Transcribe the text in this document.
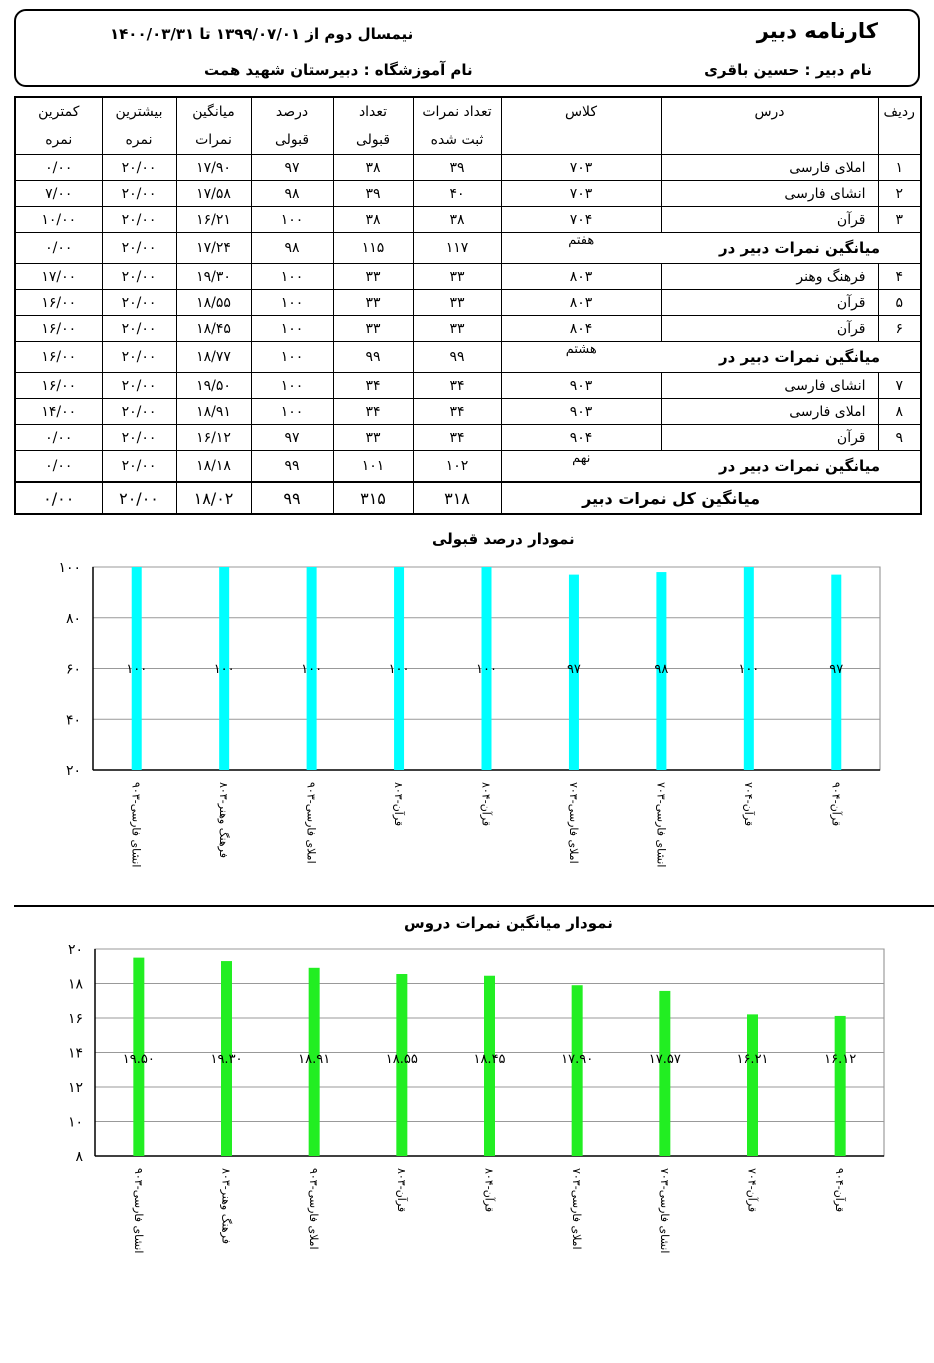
کارنامه دبیر
نیمسال دوم از ۱۳۹۹/۰۷/۰۱ تا ۱۴۰۰/۰۳/۳۱
نام دبیر : حسین باقری
نام آموزشگاه : دبیرستان شهید همت
کمترین	بیشترین	میانگین	درصد	تعداد	تعداد نمرات	کلاس	درس	ردیف
نمره	نمره	نمرات	قبولی	قبولی	ثبت شده			
۰/۰۰	۲۰/۰۰	۱۷/۹۰	۹۷	۳۸	۳۹	۷۰۳	املای فارسی	۱
۷/۰۰	۲۰/۰۰	۱۷/۵۸	۹۸	۳۹	۴۰	۷۰۳	انشای فارسی	۲
۱۰/۰۰	۲۰/۰۰	۱۶/۲۱	۱۰۰	۳۸	۳۸	۷۰۴	قرآن	۳
۰/۰۰	۲۰/۰۰	۱۷/۲۴	۹۸	۱۱۵	۱۱۷	هفتم	میانگین نمرات دبیر در	
۱۷/۰۰	۲۰/۰۰	۱۹/۳۰	۱۰۰	۳۳	۳۳	۸۰۳	فرهنگ وهنر	۴
۱۶/۰۰	۲۰/۰۰	۱۸/۵۵	۱۰۰	۳۳	۳۳	۸۰۳	قرآن	۵
۱۶/۰۰	۲۰/۰۰	۱۸/۴۵	۱۰۰	۳۳	۳۳	۸۰۴	قرآن	۶
۱۶/۰۰	۲۰/۰۰	۱۸/۷۷	۱۰۰	۹۹	۹۹	هشتم	میانگین نمرات دبیر در	
۱۶/۰۰	۲۰/۰۰	۱۹/۵۰	۱۰۰	۳۴	۳۴	۹۰۳	انشای فارسی	۷
۱۴/۰۰	۲۰/۰۰	۱۸/۹۱	۱۰۰	۳۴	۳۴	۹۰۳	املای فارسی	۸
۰/۰۰	۲۰/۰۰	۱۶/۱۲	۹۷	۳۳	۳۴	۹۰۴	قرآن	۹
۰/۰۰	۲۰/۰۰	۱۸/۱۸	۹۹	۱۰۱	۱۰۲	نهم	میانگین نمرات دبیر در	
۰/۰۰	۲۰/۰۰	۱۸/۰۲	۹۹	۳۱۵	۳۱۸	میانگین کل نمرات دبیر		
نمودار درصد قبولی
۲۰
۴۰
۶۰
۸۰
۱۰۰
۱۰۰
انشای فارسی-۹۰۳
۱۰۰
فرهنگ وهنر-۸۰۳
۱۰۰
املای فارسی-۹۰۳
۱۰۰
قرآن-۸۰۳
۱۰۰
قرآن-۸۰۴
۹۷
املای فارسی-۷۰۳
۹۸
انشای فارسی-۷۰۳
۱۰۰
قرآن-۷۰۴
۹۷
قرآن-۹۰۴
نمودار میانگین نمرات دروس
۸
۱۰
۱۲
۱۴
۱۶
۱۸
۲۰
۱۹.۵۰
انشای فارسی-۹۰۳
۱۹.۳۰
فرهنگ وهنر-۸۰۳
۱۸.۹۱
املای فارسی-۹۰۳
۱۸.۵۵
قرآن-۸۰۳
۱۸.۴۵
قرآن-۸۰۴
۱۷.۹۰
املای فارسی-۷۰۳
۱۷.۵۷
انشای فارسی-۷۰۳
۱۶.۲۱
قرآن-۷۰۴
۱۶.۱۲
قرآن-۹۰۴
